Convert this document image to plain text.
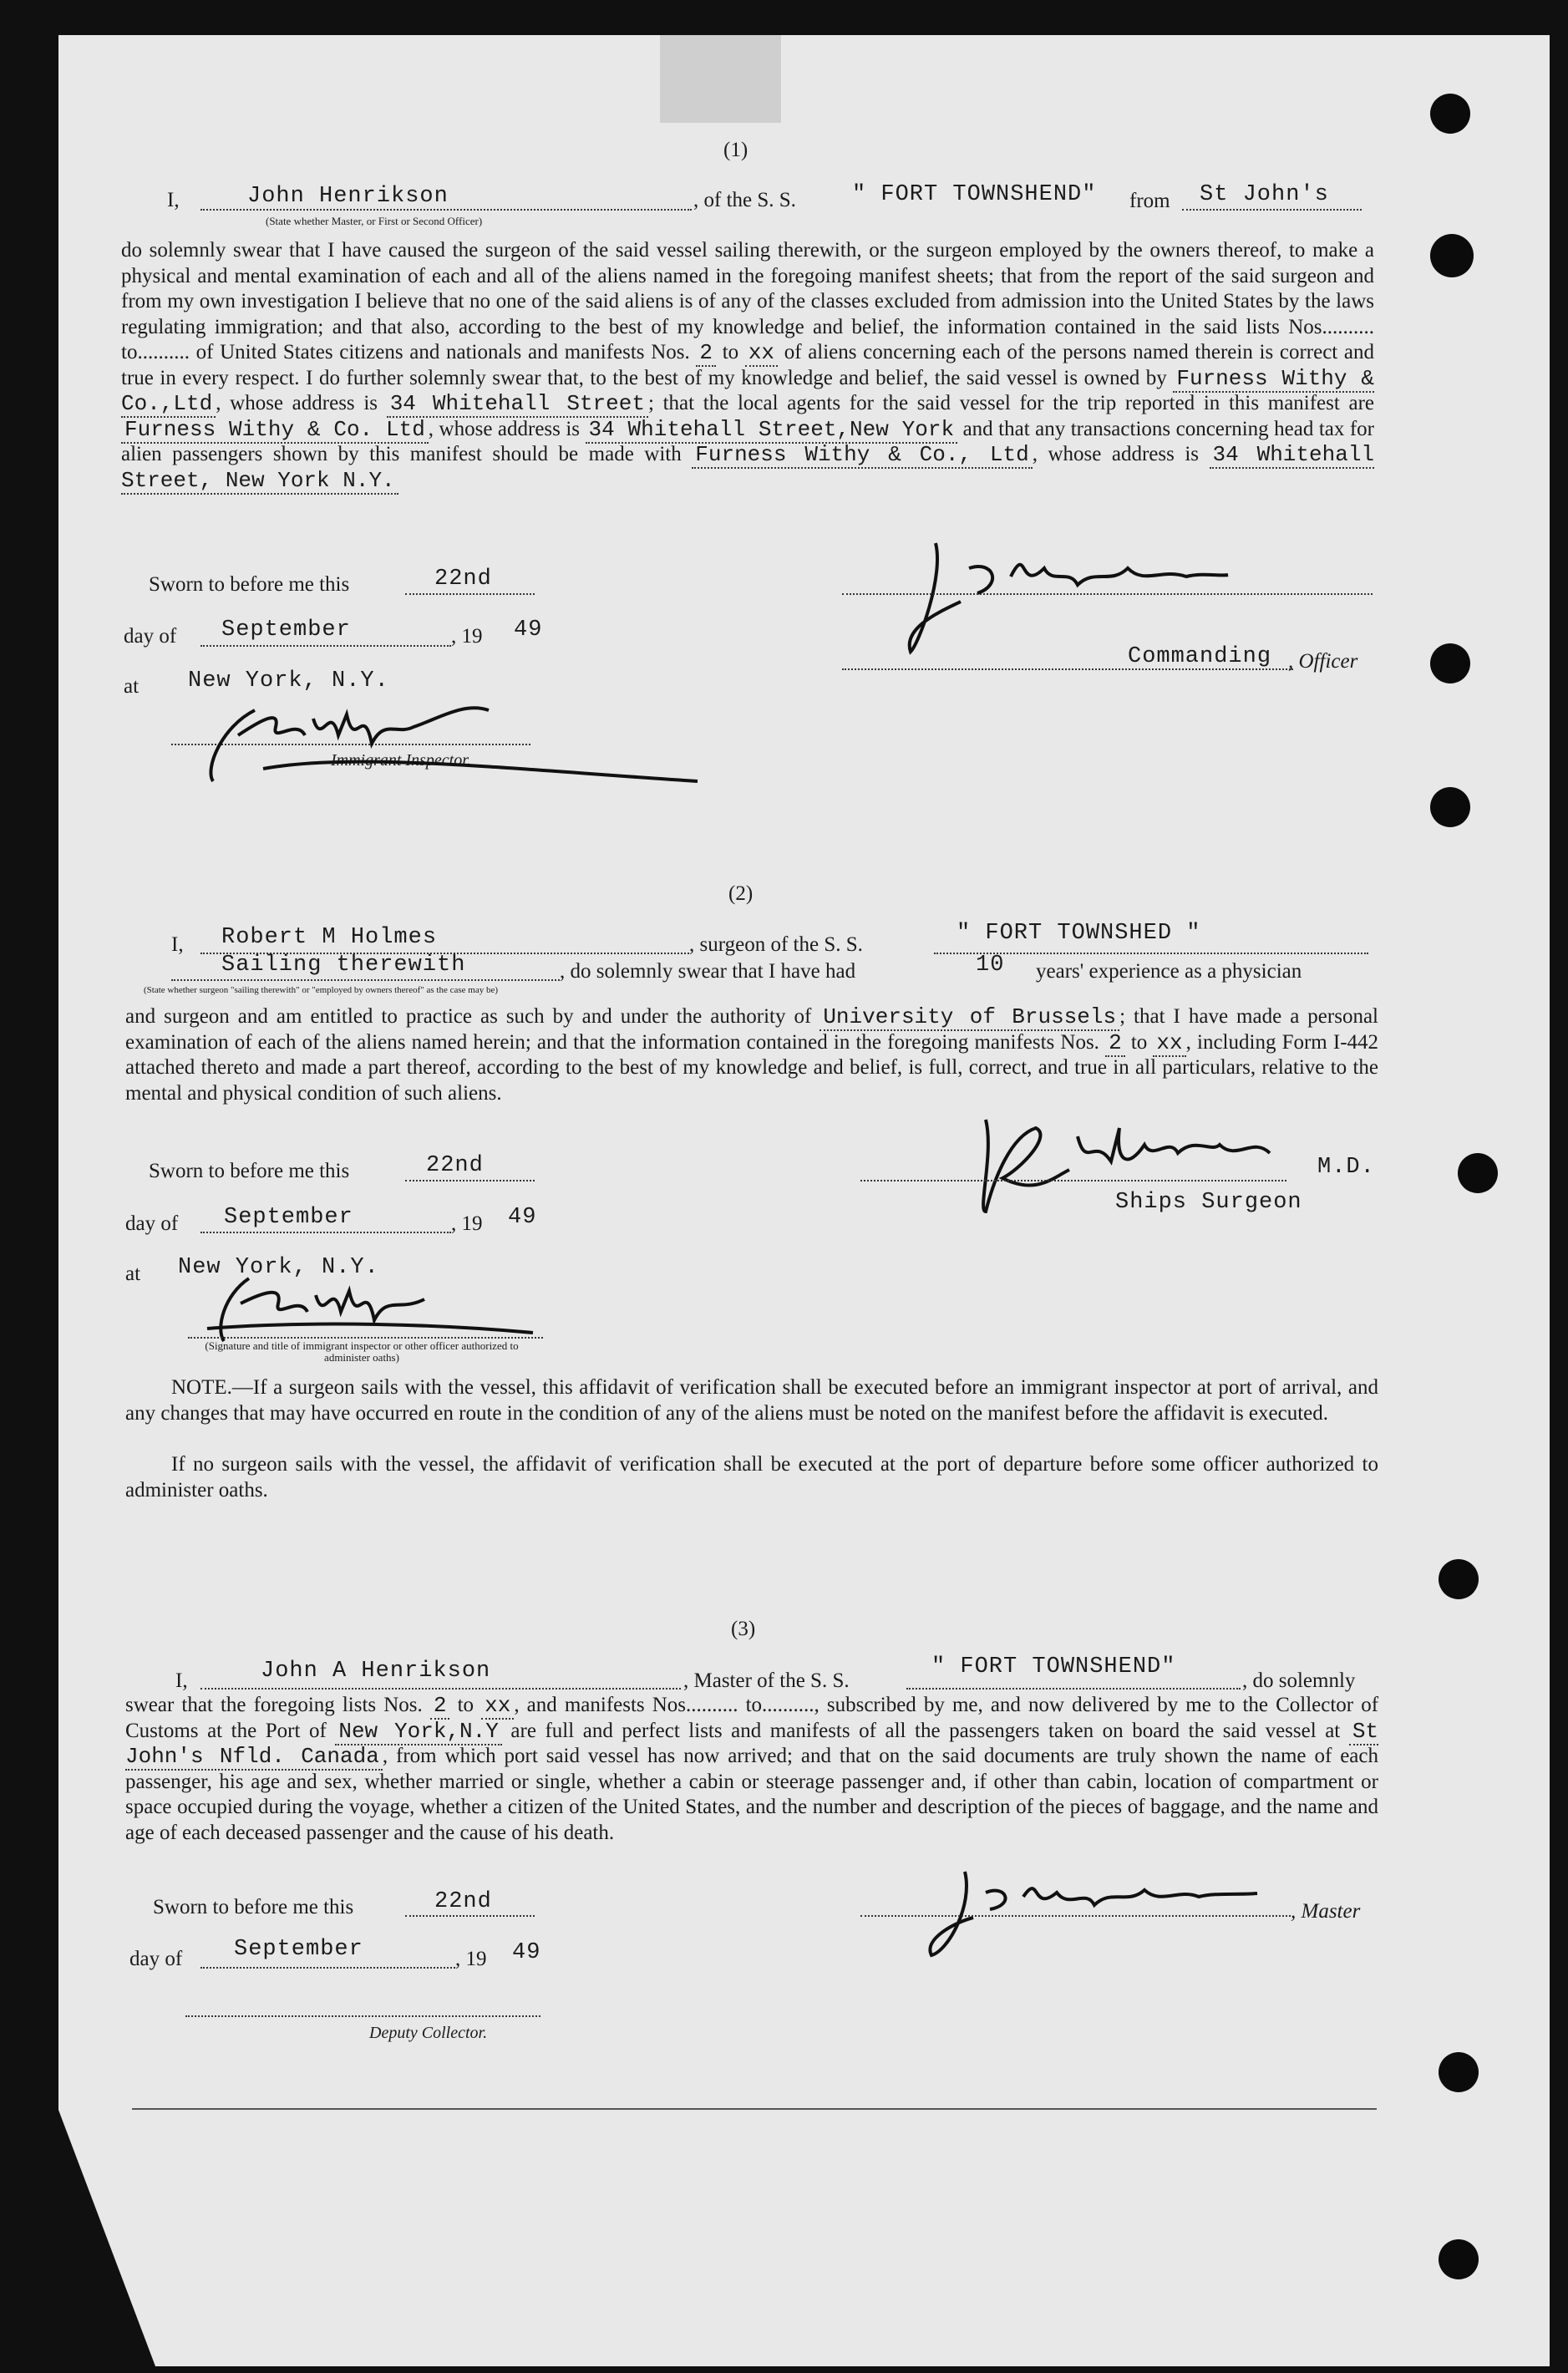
(1)
I,	John Henrikson	, of the S. S. " FORT TOWNSHEND" from St John's
(State whether Master, or First or Second Officer)
do solemnly swear that I have caused the surgeon of the said vessel sailing therewith, or the surgeon employed by the owners thereof, to make a physical and mental examination of each and all of the aliens named in the foregoing manifest sheets; that from the report of the said surgeon and from my own investigation I believe that no one of the said aliens is of any of the classes excluded from admission into the United States by the laws regulating immigration; and that also, according to the best of my knowledge and belief, the information contained in the said lists Nos.......... to.......... of United States citizens and nationals and manifests Nos. 2 to xx of aliens concerning each of the persons named therein is correct and true in every respect. I do further solemnly swear that, to the best of my knowledge and belief, the said vessel is owned by Furness Withy & Co.,Ltd , whose address is 34 Whitehall Street ; that the local agents for the said vessel for the trip reported in this manifest are Furness Withy & Co. Ltd , whose address is 34 Whitehall Street,New York and that any transactions concerning head tax for alien passengers shown by this manifest should be made with Furness Withy & Co., Ltd , whose address is 34 Whitehall Street, New York N.Y.
Sworn to before me this	22nd
day of September	, 19 49
at New York, N.Y.
Immigrant Inspector.
Commanding , Officer
(2)
I, Robert M Holmes	, surgeon of the S. S.	" FORT TOWNSHED "
Sailing therewith	, do solemnly swear that I have had	10 years' experience as a physician
(State whether surgeon "sailing therewith" or "employed by owners thereof" as the case may be)
and surgeon and am entitled to practice as such by and under the authority of University of Brussels ; that I have made a personal examination of each of the aliens named herein; and that the information contained in the foregoing manifests Nos. 2 to xx , including Form I-442 attached thereto and made a part thereof, according to the best of my knowledge and belief, is full, correct, and true in all particulars, relative to the mental and physical condition of such aliens.
Sworn to before me this	22nd
day of September	, 19 49
at New York, N.Y.
(Signature and title of immigrant inspector or other officer authorized to administer oaths)
M.D.
Ships Surgeon
NOTE.—If a surgeon sails with the vessel, this affidavit of verification shall be executed before an immigrant inspector at port of arrival, and any changes that may have occurred en route in the condition of any of the aliens must be noted on the manifest before the affidavit is executed.
If no surgeon sails with the vessel, the affidavit of verification shall be executed at the port of departure before some officer authorized to administer oaths.
(3)
I,	John A Henrikson	, Master of the S. S.
" FORT TOWNSHEND"
, do solemnly
swear that the foregoing lists Nos. 2 to xx , and manifests Nos.......... to.........., subscribed by me, and now delivered by me to the Collector of Customs at the Port of New York,N.Y are full and perfect lists and manifests of all the passengers taken on board the said vessel at St John's Nfld. Canada , from which port said vessel has now arrived; and that on the said documents are truly shown the name of each passenger, his age and sex, whether married or single, whether a cabin or steerage passenger and, if other than cabin, location of compartment or space occupied during the voyage, whether a citizen of the United States, and the number and description of the pieces of baggage, and the name and age of each deceased passenger and the cause of his death.
Sworn to before me this	22nd
day of September	, 19 49
, Master
Deputy Collector.
